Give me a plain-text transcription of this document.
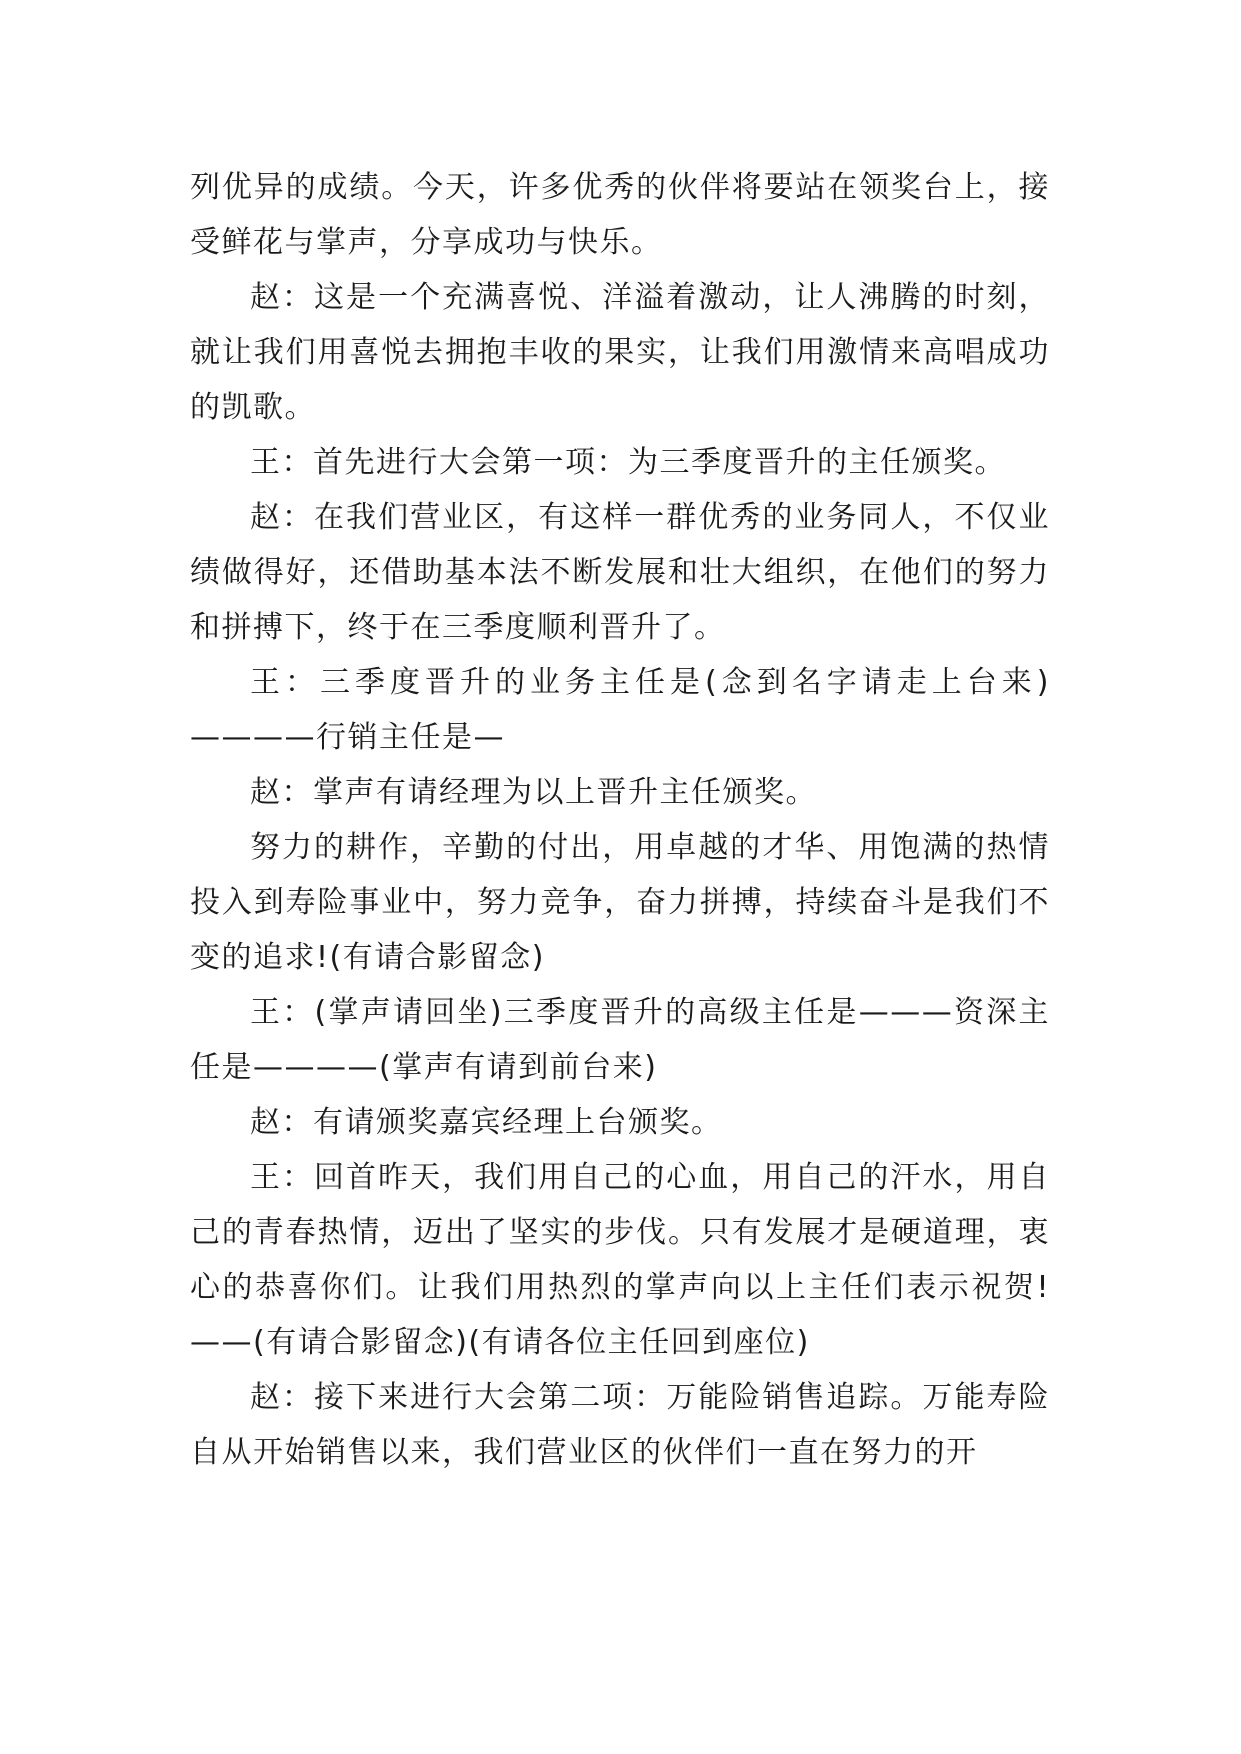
列优异的成绩。今天，许多优秀的伙伴将要站在领奖台上，接受鲜花与掌声，分享成功与快乐。

赵：这是一个充满喜悦、洋溢着激动，让人沸腾的时刻，就让我们用喜悦去拥抱丰收的果实，让我们用激情来高唱成功的凯歌。

王：首先进行大会第一项：为三季度晋升的主任颁奖。

赵：在我们营业区，有这样一群优秀的业务同人，不仅业绩做得好，还借助基本法不断发展和壮大组织，在他们的努力和拼搏下，终于在三季度顺利晋升了。

王：三季度晋升的业务主任是(念到名字请走上台来)————行销主任是—

赵：掌声有请经理为以上晋升主任颁奖。

努力的耕作，辛勤的付出，用卓越的才华、用饱满的热情投入到寿险事业中，努力竞争，奋力拼搏，持续奋斗是我们不变的追求!(有请合影留念)

王：(掌声请回坐)三季度晋升的高级主任是———资深主任是————(掌声有请到前台来)

赵：有请颁奖嘉宾经理上台颁奖。

王：回首昨天，我们用自己的心血，用自己的汗水，用自己的青春热情，迈出了坚实的步伐。只有发展才是硬道理，衷心的恭喜你们。让我们用热烈的掌声向以上主任们表示祝贺!——(有请合影留念)(有请各位主任回到座位)

赵：接下来进行大会第二项：万能险销售追踪。万能寿险自从开始销售以来，我们营业区的伙伴们一直在努力的开
